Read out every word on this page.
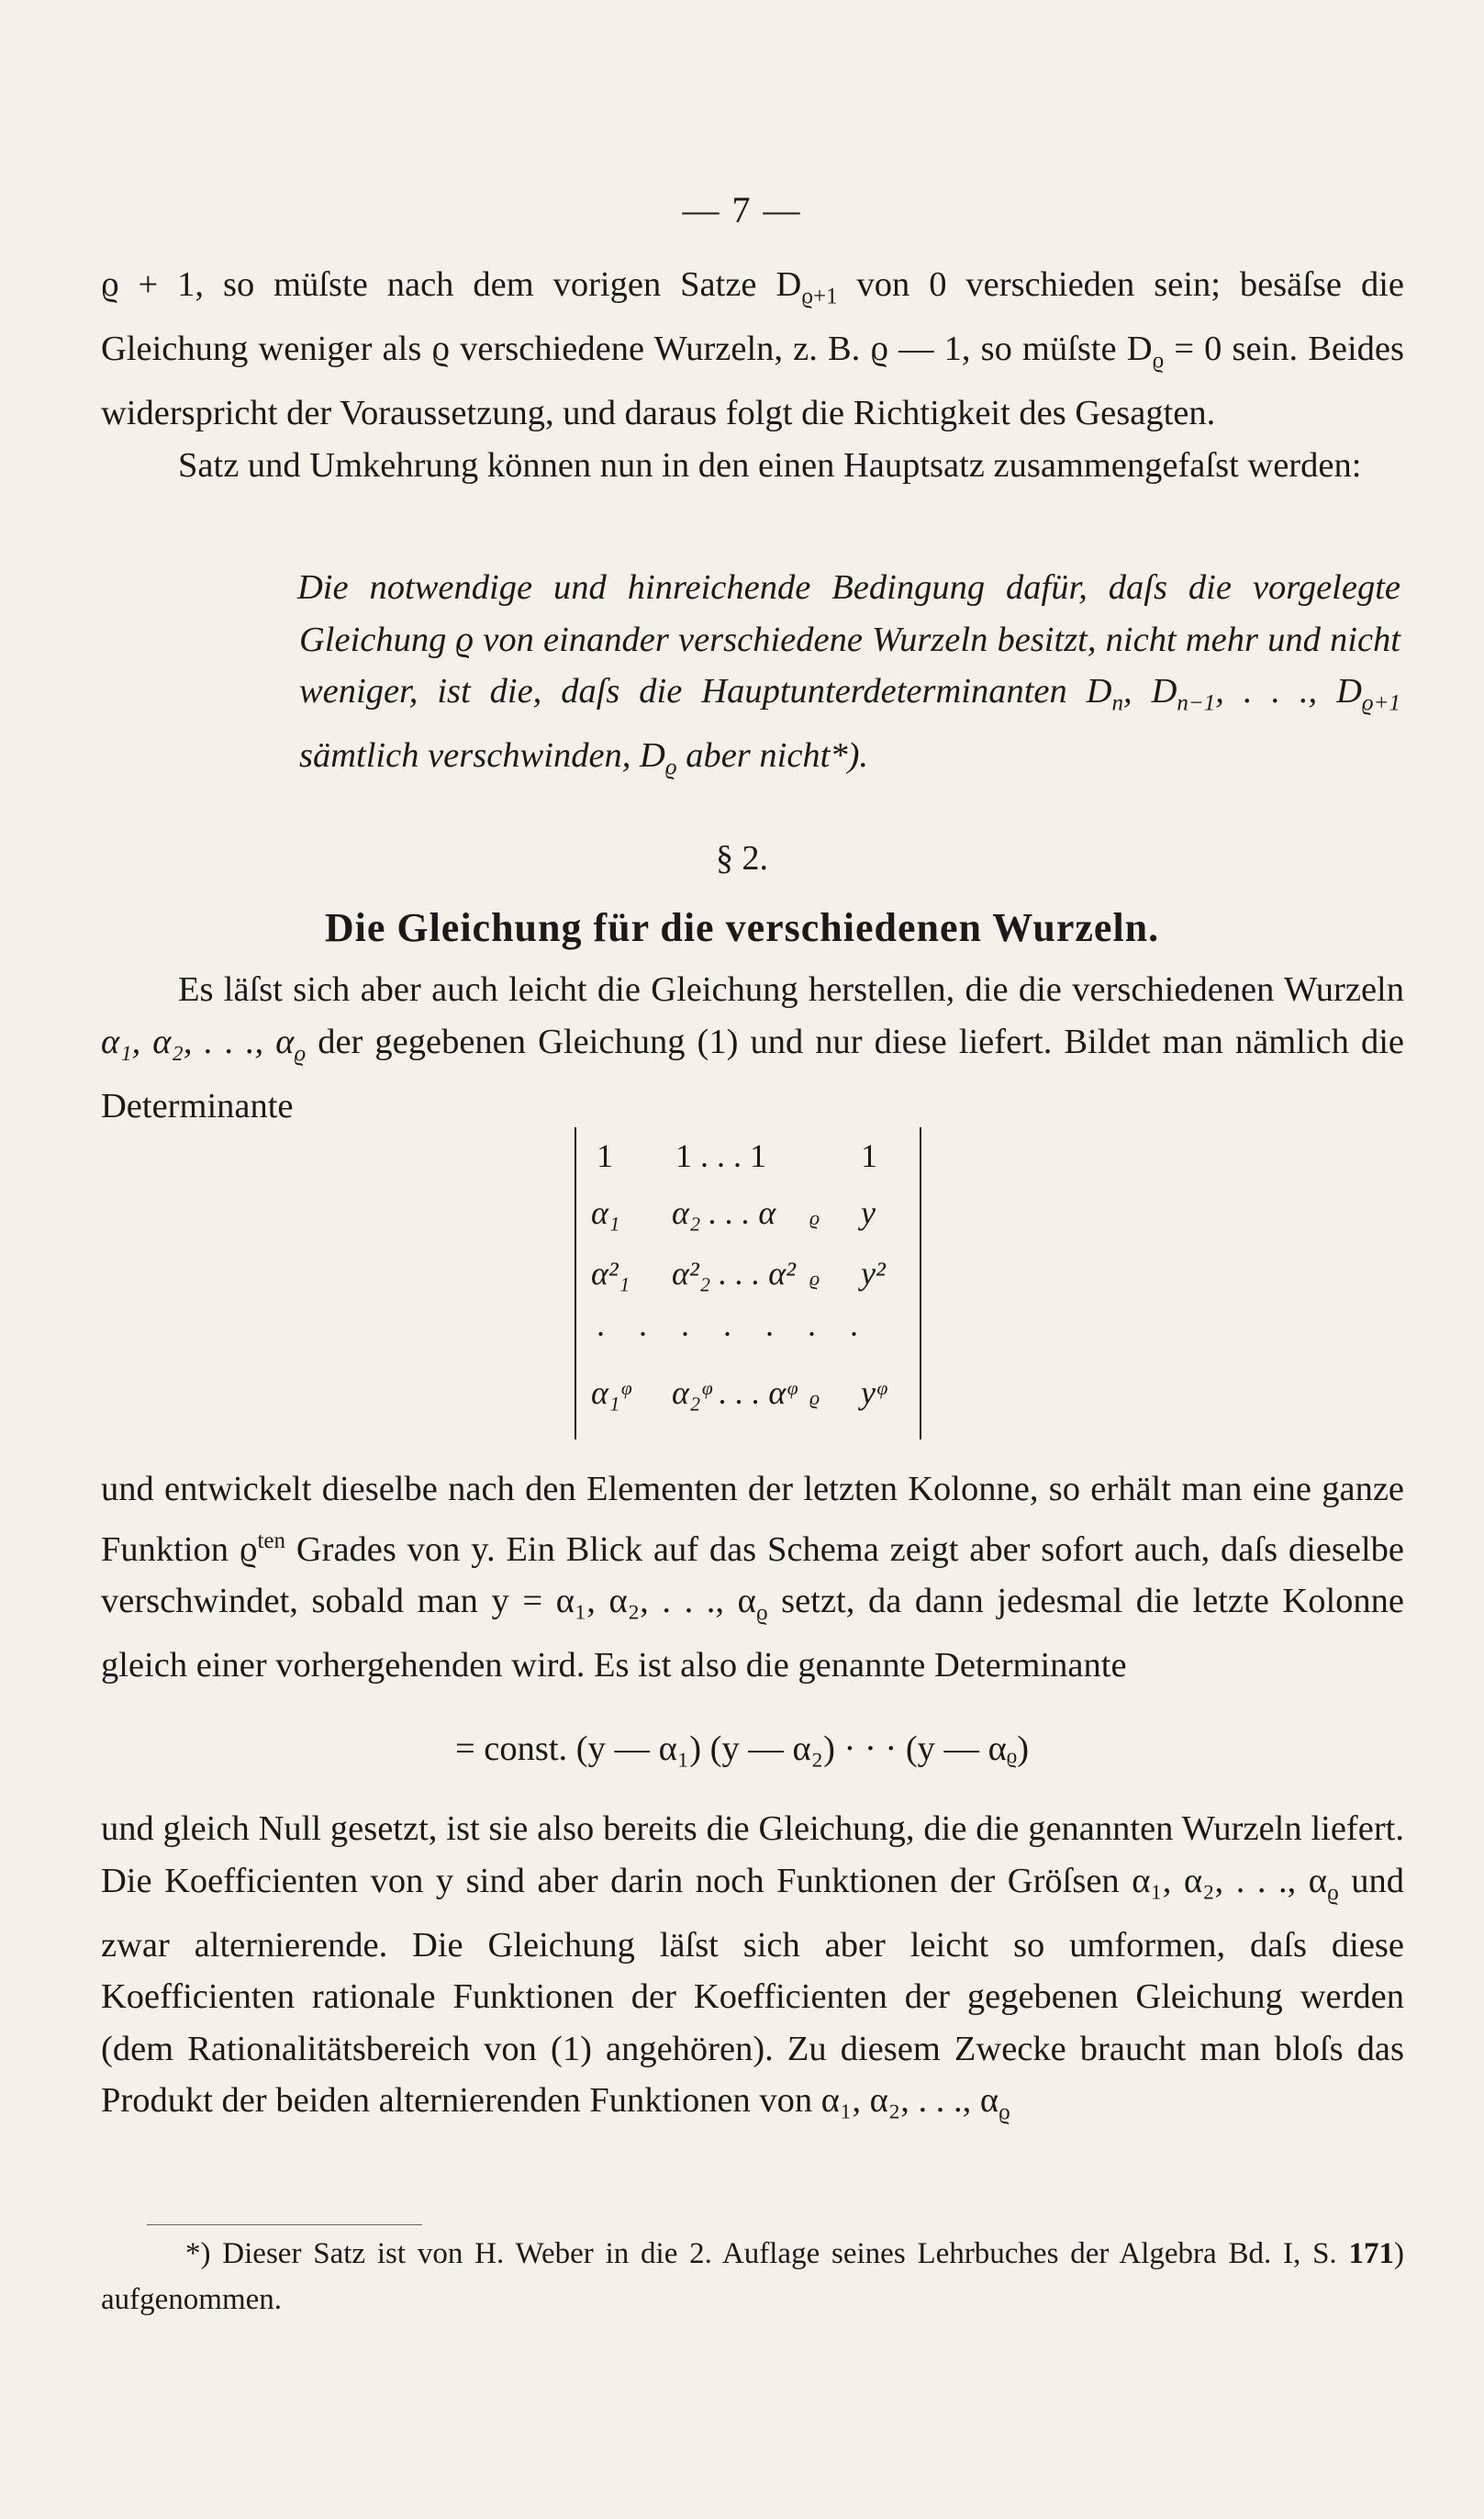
— 7 —

ϱ + 1, so müſste nach dem vorigen Satze $D_{ϱ+1}$ von 0 verschieden sein; besäſse die Gleichung weniger als ϱ verschiedene Wurzeln, z. B. ϱ — 1, so müſste $D_ϱ = 0$ sein. Beides widerspricht der Voraussetzung, und daraus folgt die Richtigkeit des Gesagten.

Satz und Umkehrung können nun in den einen Hauptsatz zusammengefaſst werden:

Die notwendige und hinreichende Bedingung dafür, daſs die vorgelegte Gleichung ϱ von einander verschiedene Wurzeln besitzt, nicht mehr und nicht weniger, ist die, daſs die Hauptunterdeterminanten $D_n$, $D_{n-1}$, . . ., $D_{ϱ+1}$ sämtlich verschwinden, $D_ϱ$ aber nicht*).
§ 2.
Die Gleichung für die verschiedenen Wurzeln.

Es läſst sich aber auch leicht die Gleichung herstellen, die die verschiedenen Wurzeln α₁, α₂, . . ., $\alpha_ϱ$ der gegebenen Gleichung (1) und nur diese liefert. Bildet man nämlich die Determinante

1 1 . . . 1	1
α₁ α₂ . . . α ϱ y
α²₁ α²₂ . . . α² ϱ y²
. . . . . . .
α₁ᵠ α₂ᵠ . . . αᵠ ϱ yᵠ

und entwickelt dieselbe nach den Elementen der letzten Kolonne, so erhält man eine ganze Funktion $ϱ^{ten}$ Grades von y. Ein Blick auf das Schema zeigt aber sofort auch, daſs dieselbe verschwindet, sobald man y = α₁, α₂, . . ., $\alpha_ϱ$ setzt, da dann jedesmal die letzte Kolonne gleich einer vorhergehenden wird. Es ist also die genannte Determinante

= const. (y — α₁) (y — α₂) · · · (y — αᵨ)

und gleich Null gesetzt, ist sie also bereits die Gleichung, die die genannten Wurzeln liefert. Die Koefficienten von y sind aber darin noch Funktionen der Gröſsen α₁, α₂, . . ., $\alpha_ϱ$ und zwar alternierende. Die Gleichung läſst sich aber leicht so umformen, daſs diese Koefficienten rationale Funktionen der Koefficienten der gegebenen Gleichung werden (dem Rationalitätsbereich von (1) angehören). Zu diesem Zwecke braucht man bloſs das Produkt der beiden alternierenden Funktionen von α₁, α₂, . . ., $\alpha_ϱ$

*) Dieser Satz ist von H. Weber in die 2. Auflage seines Lehrbuches der Algebra Bd. I, S. 171) aufgenommen.
